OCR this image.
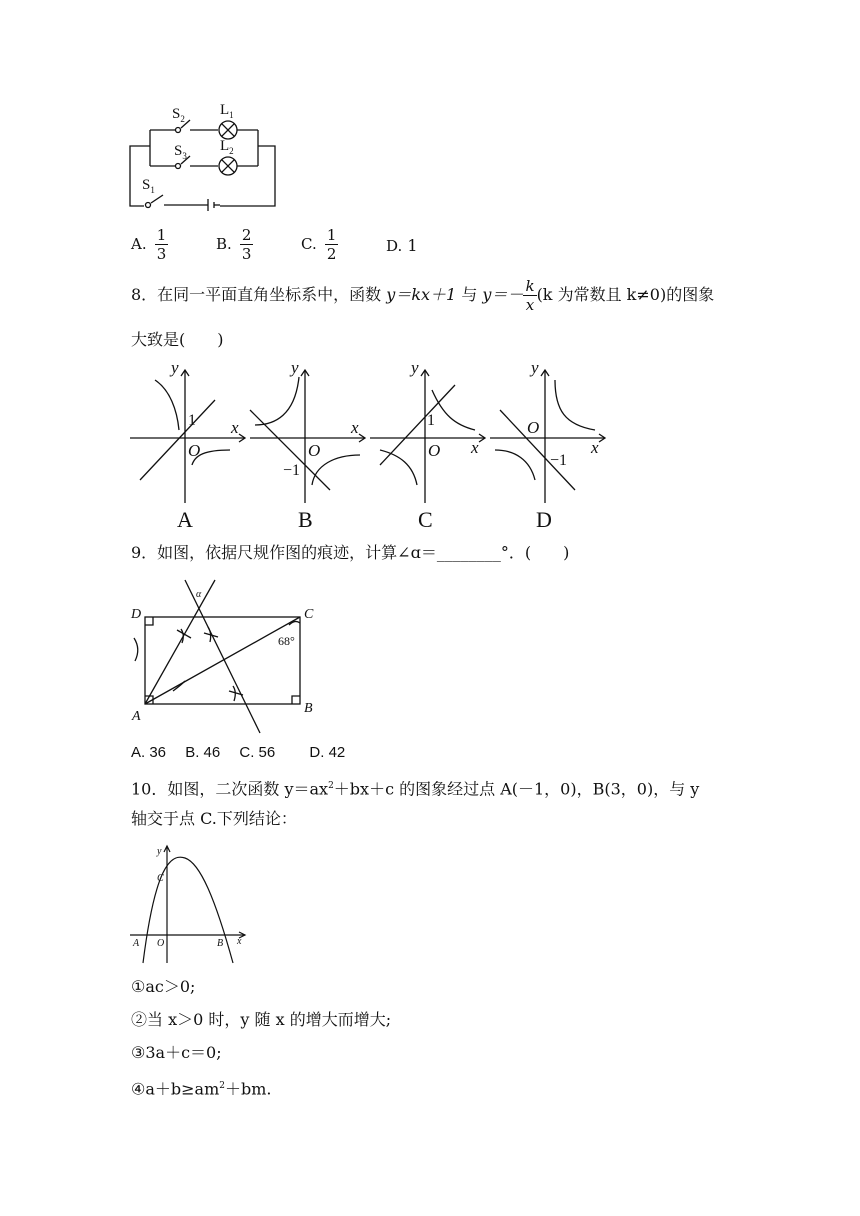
$S_2$
$L_1$
$S_3$
$L_2$
$S_1$
A. $\frac{1}{3}$	B. $\frac{2}{3}$	C. $\frac{1}{2}$	D. 1
8．在同一平面直角坐标系中，函数 y＝kx＋1 与 $y=- \frac{k}{x} (k$ 为常数且 k≠0)的图象
大致是(　　)
y
x
O
y
x
O
y
x
O
y
x
O
1
−1
1
−1
A	B	C	D
9．如图，依据尺规作图的痕迹，计算∠ɑ＝________°．(　　)
D	C
A
B
α
68°
A. 36　 B. 46　 C. 56　　 D. 42
10．如图，二次函数 $y=ax^2+bx+c$ 的图象经过点 A(－1，0)，B(3，0)，与 y
轴交于点 C.下列结论：
y
x
C
A O	B
①ac＞0;
②当 x＞0 时，y 随 x 的增大而增大;
③3a＋c＝0;
$④a+b\ge am^2+bm$.
